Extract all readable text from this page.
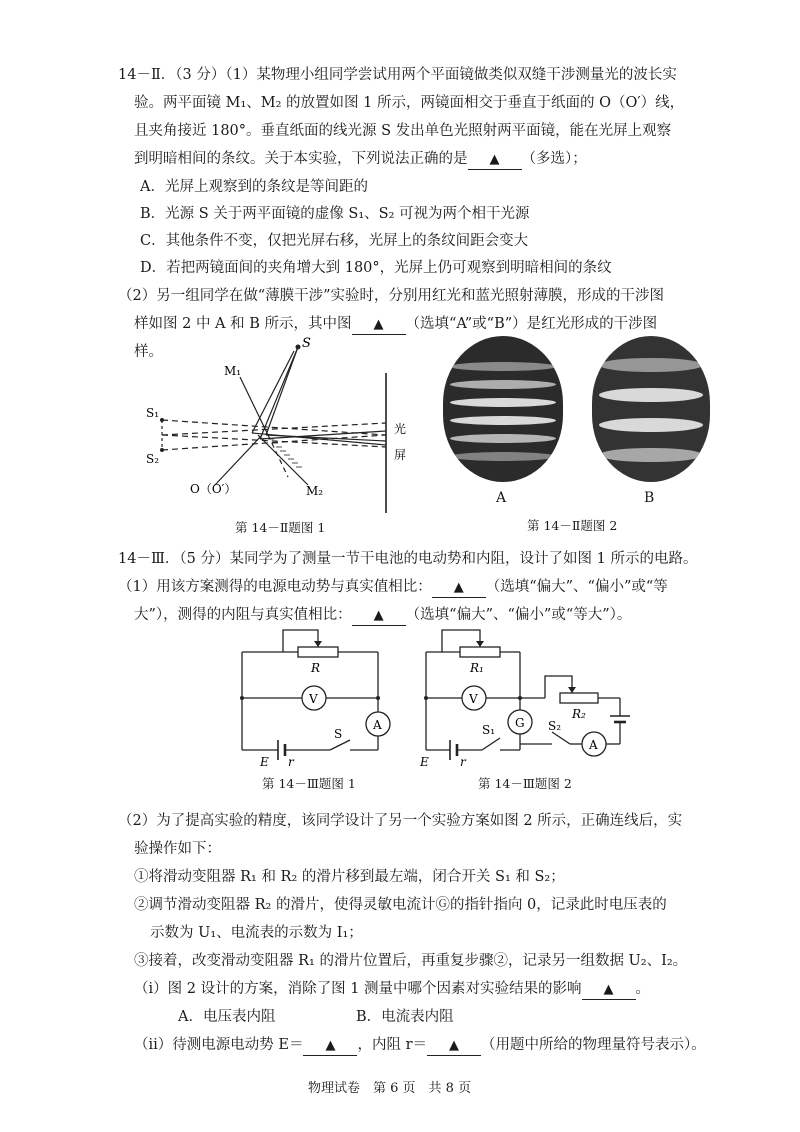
14－Ⅱ．（3 分）（1）某物理小组同学尝试用两个平面镜做类似双缝干涉测量光的波长实
验。两平面镜 M₁、M₂ 的放置如图 1 所示，两镜面相交于垂直于纸面的 O（O′）线，
且夹角接近 180°。垂直纸面的线光源 S 发出单色光照射两平面镜，能在光屏上观察
到明暗相间的条纹。关于本实验，下列说法正确的是 ▲ （多选）；
A．光屏上观察到的条纹是等间距的
B．光源 S 关于两平面镜的虚像 S₁、S₂ 可视为两个相干光源
C．其他条件不变，仅把光屏右移，光屏上的条纹间距会变大
D．若把两镜面间的夹角增大到 180°，光屏上仍可观察到明暗相间的条纹
（2）另一组同学在做“薄膜干涉”实验时，分别用红光和蓝光照射薄膜，形成的干涉图
样如图 2 中 A 和 B 所示，其中图 ▲ （选填“A”或“B”）是红光形成的干涉图
样。
S
M₁
S₁
S₂
O（O′）	M₂
光
屏
第 14－Ⅱ题图 1
A	B
第 14－Ⅱ题图 2
14－Ⅲ．（5 分）某同学为了测量一节干电池的电动势和内阻，设计了如图 1 所示的电路。
（1）用该方案测得的电源电动势与真实值相比： ▲ （选填“偏大”、“偏小”或“等
大”），测得的内阻与真实值相比： ▲ （选填“偏大”、“偏小”或“等大”）。
R
V
A
S
E r
第 14－Ⅲ题图 1
R₁
V
G
R₂
S₁	S₂
A
E	r
第 14－Ⅲ题图 2
（2）为了提高实验的精度，该同学设计了另一个实验方案如图 2 所示，正确连线后，实
验操作如下：
①将滑动变阻器 R₁ 和 R₂ 的滑片移到最左端，闭合开关 S₁ 和 S₂；
②调节滑动变阻器 R₂ 的滑片，使得灵敏电流计Ⓖ的指针指向 0，记录此时电压表的
示数为 U₁、电流表的示数为 I₁；
③接着，改变滑动变阻器 R₁ 的滑片位置后，再重复步骤②，记录另一组数据 U₂、I₂。
（ⅰ）图 2 设计的方案，消除了图 1 测量中哪个因素对实验结果的影响 ▲ 。
A．电压表内阻	B．电流表内阻
（ⅱ）待测电源电动势 E＝ ▲ ，内阻 r＝ ▲ （用题中所给的物理量符号表示）。
物理试卷　第 6 页　共 8 页
